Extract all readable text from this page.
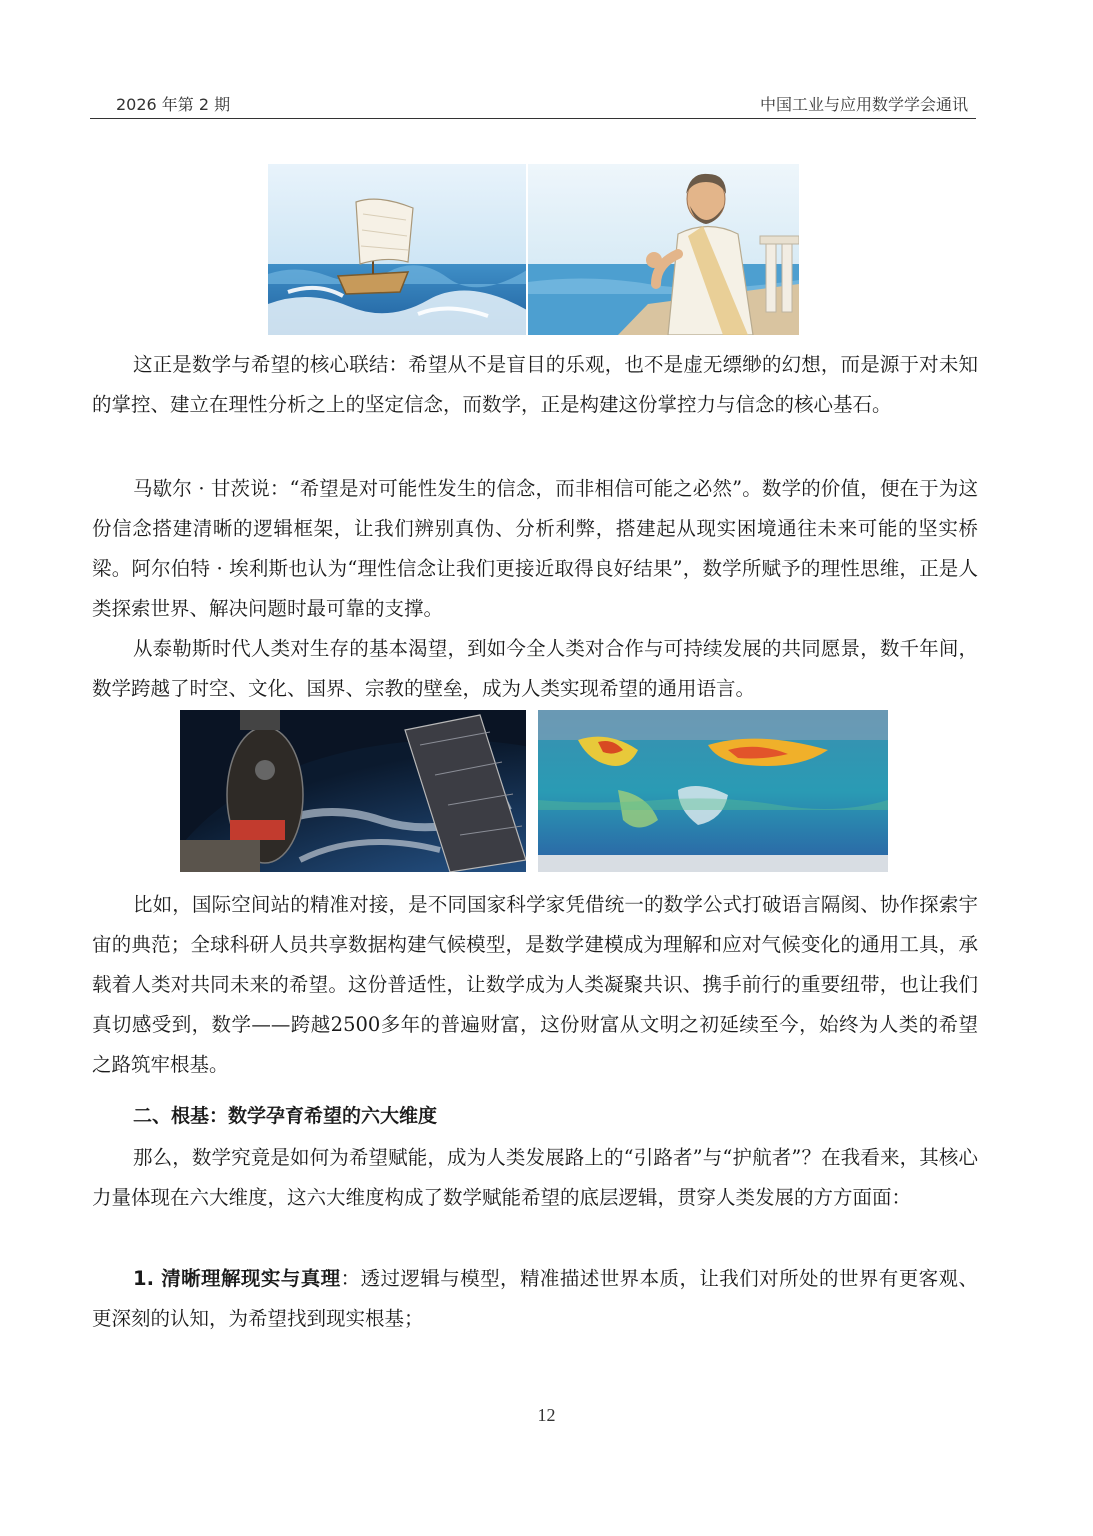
2026 年第 2 期	中国工业与应用数学学会通讯

这正是数学与希望的核心联结：希望从不是盲目的乐观，也不是虚无缥缈的幻想，而是源于对未知的掌控、建立在理性分析之上的坚定信念，而数学，正是构建这份掌控力与信念的核心基石。

马歇尔 · 甘茨说：“希望是对可能性发生的信念，而非相信可能之必然”。数学的价值，便在于为这份信念搭建清晰的逻辑框架，让我们辨别真伪、分析利弊，搭建起从现实困境通往未来可能的坚实桥梁。阿尔伯特 · 埃利斯也认为“理性信念让我们更接近取得良好结果”，数学所赋予的理性思维，正是人类探索世界、解决问题时最可靠的支撑。

从泰勒斯时代人类对生存的基本渴望，到如今全人类对合作与可持续发展的共同愿景，数千年间，数学跨越了时空、文化、国界、宗教的壁垒，成为人类实现希望的通用语言。

比如，国际空间站的精准对接，是不同国家科学家凭借统一的数学公式打破语言隔阂、协作探索宇宙的典范；全球科研人员共享数据构建气候模型，是数学建模成为理解和应对气候变化的通用工具，承载着人类对共同未来的希望。这份普适性，让数学成为人类凝聚共识、携手前行的重要纽带，也让我们真切感受到，数学——跨越2500多年的普遍财富，这份财富从文明之初延续至今，始终为人类的希望之路筑牢根基。

二、根基：数学孕育希望的六大维度

那么，数学究竟是如何为希望赋能，成为人类发展路上的“引路者”与“护航者”？在我看来，其核心力量体现在六大维度，这六大维度构成了数学赋能希望的底层逻辑，贯穿人类发展的方方面面：

1. 清晰理解现实与真理：透过逻辑与模型，精准描述世界本质，让我们对所处的世界有更客观、更深刻的认知，为希望找到现实根基；

12
